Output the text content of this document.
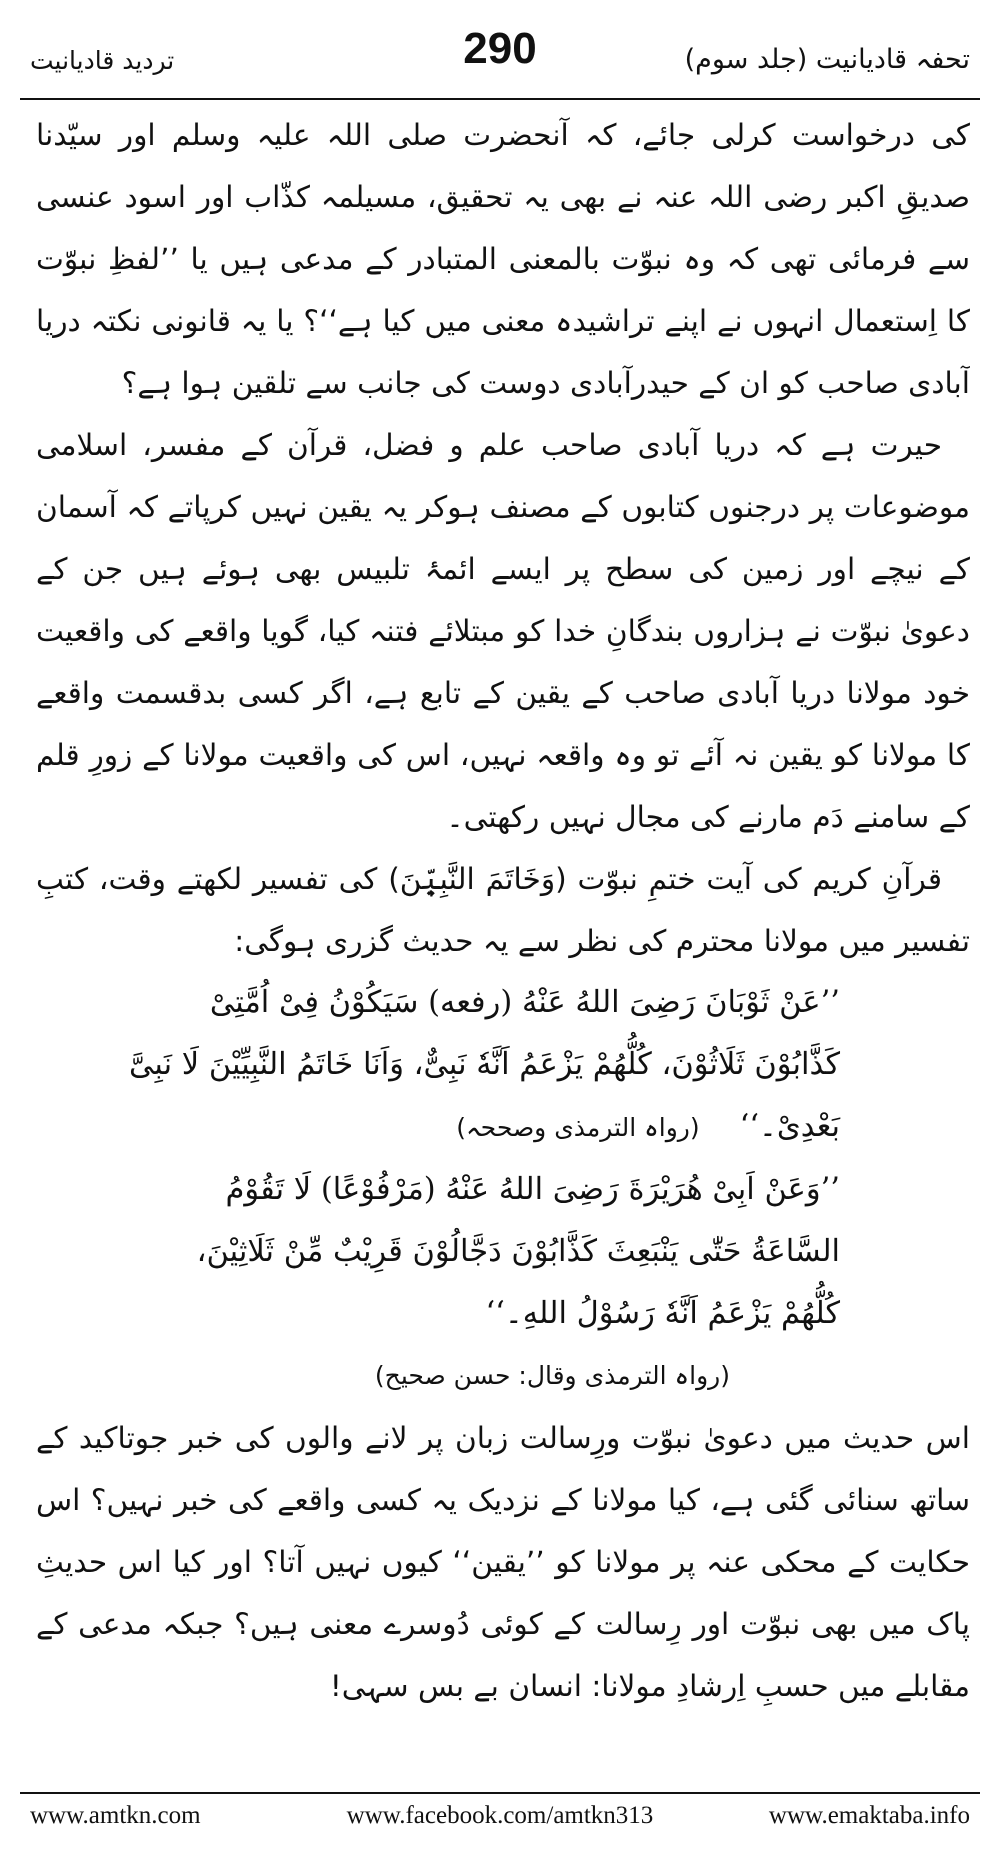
تردید قادیانیت	290	تحفہ قادیانیت (جلد سوم)

کی درخواست کرلی جائے، کہ آنحضرت صلی اللہ علیہ وسلم اور سیّدنا صدیقِ اکبر رضی اللہ عنہ نے بھی یہ تحقیق، مسیلمہ کذّاب اور اسود عنسی سے فرمائی تھی کہ وہ نبوّت بالمعنی المتبادر کے مدعی ہیں یا ’’لفظِ نبوّت کا اِستعمال انہوں نے اپنے تراشیدہ معنی میں کیا ہے‘‘؟ یا یہ قانونی نکتہ دریا آبادی صاحب کو ان کے حیدرآبادی دوست کی جانب سے تلقین ہوا ہے؟

حیرت ہے کہ دریا آبادی صاحب علم و فضل، قرآن کے مفسر، اسلامی موضوعات پر درجنوں کتابوں کے مصنف ہوکر یہ یقین نہیں کرپاتے کہ آسمان کے نیچے اور زمین کی سطح پر ایسے ائمۂ تلبیس بھی ہوئے ہیں جن کے دعویٰ نبوّت نے ہزاروں بندگانِ خدا کو مبتلائے فتنہ کیا، گویا واقعے کی واقعیت خود مولانا دریا آبادی صاحب کے یقین کے تابع ہے، اگر کسی بدقسمت واقعے کا مولانا کو یقین نہ آئے تو وہ واقعہ نہیں، اس کی واقعیت مولانا کے زورِ قلم کے سامنے دَم مارنے کی مجال نہیں رکھتی۔

قرآنِ کریم کی آیت ختمِ نبوّت (وَخَاتَمَ النَّبِیّٖنَ) کی تفسیر لکھتے وقت، کتبِ تفسیر میں مولانا محترم کی نظر سے یہ حدیث گزری ہوگی:

’’عَنْ ثَوْبَانَ رَضِیَ اللهُ عَنْهُ (رفعه) سَیَکُوْنُ فِیْ اُمَّتِیْ

کَذَّابُوْنَ ثَلَاثُوْنَ، کُلُّهُمْ یَزْعَمُ اَنَّهٗ نَبِیٌّ، وَاَنَا خَاتَمُ النَّبِیِّیْنَ لَا نَبِیَّ

بَعْدِیْ۔‘‘(رواہ الترمذی وصححہ)

’’وَعَنْ اَبِیْ هُرَیْرَةَ رَضِیَ اللهُ عَنْهُ (مَرْفُوْعًا) لَا تَقُوْمُ

السَّاعَةُ حَتّٰی یَنْبَعِثَ کَذَّابُوْنَ دَجَّالُوْنَ قَرِیْبٌ مِّنْ ثَلَاثِیْنَ،

کُلُّهُمْ یَزْعَمُ اَنَّهٗ رَسُوْلُ اللهِ۔‘‘

(رواہ الترمذی وقال: حسن صحیح)

اس حدیث میں دعویٰ نبوّت ورِسالت زبان پر لانے والوں کی خبر جوتاکید کے ساتھ سنائی گئی ہے، کیا مولانا کے نزدیک یہ کسی واقعے کی خبر نہیں؟ اس حکایت کے محکی عنہ پر مولانا کو ’’یقین‘‘ کیوں نہیں آتا؟ اور کیا اس حدیثِ پاک میں بھی نبوّت اور رِسالت کے کوئی دُوسرے معنی ہیں؟ جبکہ مدعی کے مقابلے میں حسبِ اِرشادِ مولانا: انسان بے بس سہی!

www.amtkn.com	www.facebook.com/amtkn313	www.emaktaba.info
